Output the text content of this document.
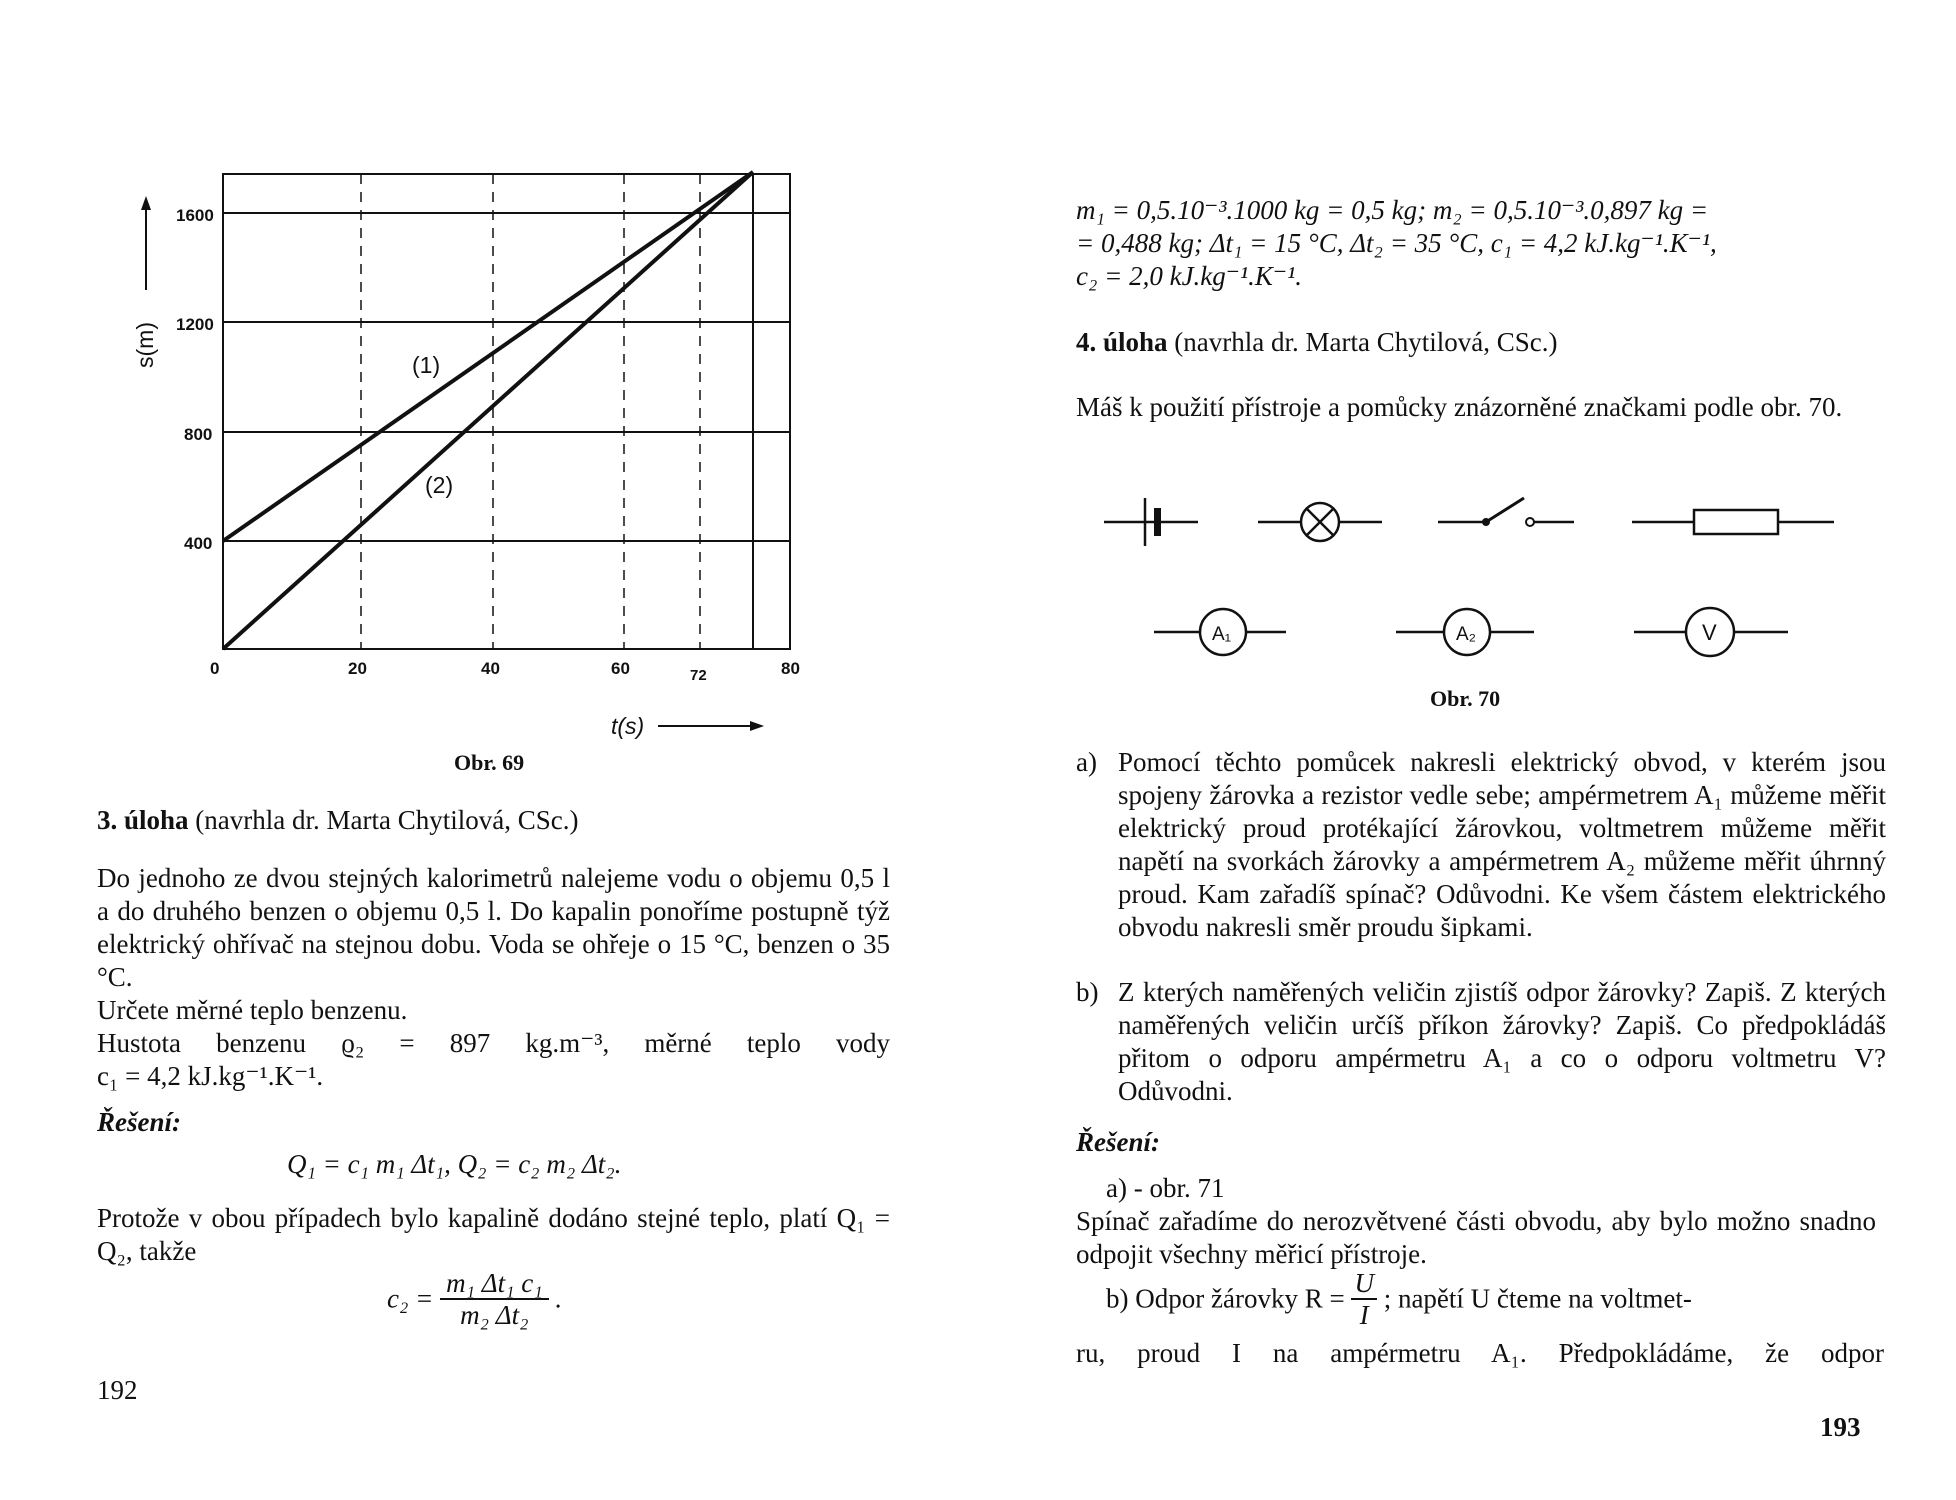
(1)
(2)
1600
1200
800
400
s(m)
0	20	40	60	72	80
t(s)
Obr. 69
3. úloha (navrhla dr. Marta Chytilová, CSc.)

Do jednoho ze dvou stejných kalorimetrů nalejeme vodu o objemu 0,5 l a do druhého benzen o objemu 0,5 l. Do kapalin ponoříme postupně týž elektrický ohřívač na stejnou dobu. Voda se ohřeje o 15 °C, benzen o 35 °C.

Určete měrné teplo benzenu.

Hustota benzenu ϱ₂ = 897 kg.m⁻³, měrné teplo vody

c₁ = 4,2 kJ.kg⁻¹.K⁻¹.

Řešení:

Q₁ = c₁ m₁ Δt₁, Q₂ = c₂ m₂ Δt₂.

Protože v obou případech bylo kapalině dodáno stejné teplo, platí Q₁ = Q₂, takže

$c_2 = \frac{\text{m₁ Δt₁ c₁}}{\text{m₂ Δt₂}}$ .
192

m₁ = 0,5.10⁻³.1000 kg = 0,5 kg; m₂ = 0,5.10⁻³.0,897 kg =

= 0,488 kg; Δt₁ = 15 °C, Δt₂ = 35 °C, c₁ = 4,2 kJ.kg⁻¹.K⁻¹,

c₂ = 2,0 kJ.kg⁻¹.K⁻¹.

4. úloha (navrhla dr. Marta Chytilová, CSc.)

Máš k použití přístroje a pomůcky znázorněné značkami podle obr. 70.

A₁	A₂	V
Obr. 70
a) Pomocí těchto pomůcek nakresli elektrický obvod, v kterém jsou spojeny žárovka a rezistor vedle sebe; ampérmetrem A₁ můžeme měřit elektrický proud protékající žárovkou, voltmetrem můžeme měřit napětí na svorkách žárovky a ampérmetrem A₂ můžeme měřit úhrnný proud. Kam zařadíš spínač? Odůvodni. Ke všem částem elektrického obvodu nakresli směr proudu šipkami.

b) Z kterých naměřených veličin zjistíš odpor žárovky? Zapiš. Z kterých naměřených veličin určíš příkon žárovky? Zapiš. Co předpokládáš přitom o odporu ampérmetru A₁ a co o odporu voltmetru V? Odůvodni.

Řešení:

a) - obr. 71

Spínač zařadíme do nerozvětvené části obvodu, aby bylo možno snadno odpojit všechny měřicí přístroje.

b) Odpor žárovky $R = \frac{U}{I}$ ; napětí U čteme na voltmet-

ru, proud I na ampérmetru A₁. Předpokládáme, že odpor

193
